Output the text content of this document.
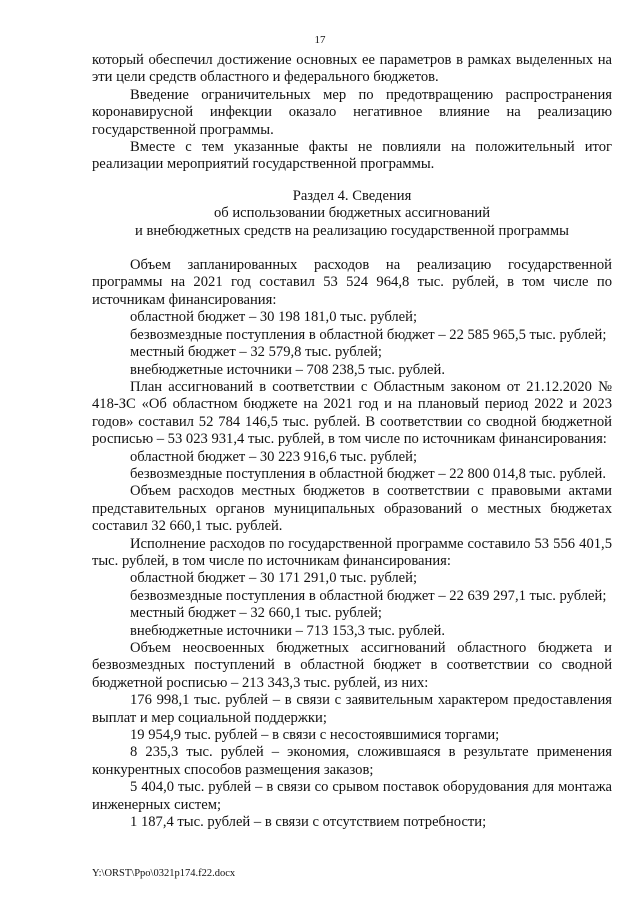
17

который обеспечил достижение основных ее параметров в рамках выделенных на эти цели средств областного и федерального бюджетов.

Введение ограничительных мер по предотвращению распространения коронавирусной инфекции оказало негативное влияние на реализацию государственной программы.

Вместе с тем указанные факты не повлияли на положительный итог реализации мероприятий государственной программы.

Раздел 4. Сведения
об использовании бюджетных ассигнований
и внебюджетных средств на реализацию государственной программы

Объем запланированных расходов на реализацию государственной программы на 2021 год составил 53 524 964,8 тыс. рублей, в том числе по источникам финансирования:

областной бюджет – 30 198 181,0 тыс. рублей;

безвозмездные поступления в областной бюджет – 22 585 965,5 тыс. рублей;

местный бюджет – 32 579,8 тыс. рублей;

внебюджетные источники – 708 238,5 тыс. рублей.

План ассигнований в соответствии с Областным законом от 21.12.2020 № 418-ЗС «Об областном бюджете на 2021 год и на плановый период 2022 и 2023 годов» составил 52 784 146,5 тыс. рублей. В соответствии со сводной бюджетной росписью – 53 023 931,4 тыс. рублей, в том числе по источникам финансирования:

областной бюджет – 30 223 916,6 тыс. рублей;

безвозмездные поступления в областной бюджет – 22 800 014,8 тыс. рублей.

Объем расходов местных бюджетов в соответствии с правовыми актами представительных органов муниципальных образований о местных бюджетах составил 32 660,1 тыс. рублей.

Исполнение расходов по государственной программе составило 53 556 401,5 тыс. рублей, в том числе по источникам финансирования:

областной бюджет – 30 171 291,0 тыс. рублей;

безвозмездные поступления в областной бюджет – 22 639 297,1 тыс. рублей;

местный бюджет – 32 660,1 тыс. рублей;

внебюджетные источники – 713 153,3 тыс. рублей.

Объем неосвоенных бюджетных ассигнований областного бюджета и безвозмездных поступлений в областной бюджет в соответствии со сводной бюджетной росписью – 213 343,3 тыс. рублей, из них:

176 998,1 тыс. рублей – в связи с заявительным характером предоставления выплат и мер социальной поддержки;

19 954,9 тыс. рублей – в связи с несостоявшимися торгами;

8 235,3 тыс. рублей – экономия, сложившаяся в результате применения конкурентных способов размещения заказов;

5 404,0 тыс. рублей – в связи со срывом поставок оборудования для монтажа инженерных систем;

1 187,4 тыс. рублей – в связи с отсутствием потребности;

Y:\ORST\Ppo\0321p174.f22.docx
